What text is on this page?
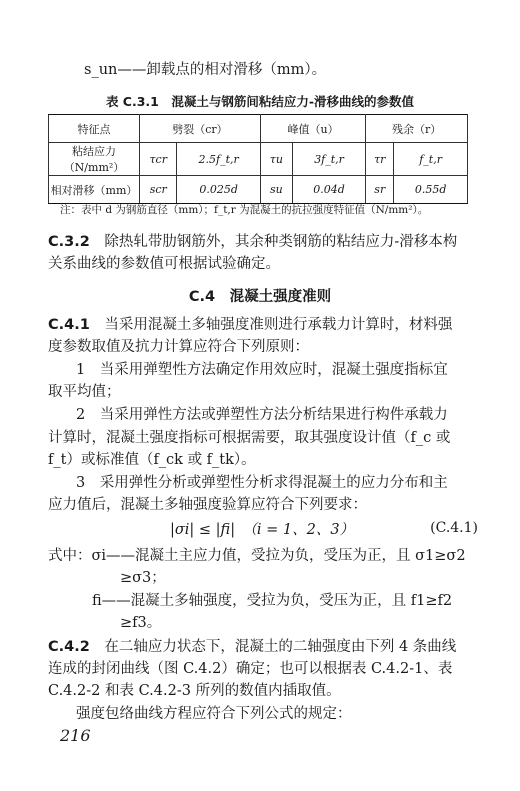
s_un——卸载点的相对滑移（mm）。
表 C.3.1　混凝土与钢筋间粘结应力-滑移曲线的参数值
特征点	劈裂（cr）		峰值（u）		残余（r）	
粘结应力（N/mm²）	τcr	2.5f_t,r	τu	3f_t,r	τr	f_t,r
相对滑移（mm）	scr	0.025d	su	0.04d	sr	0.55d
注：表中 d 为钢筋直径（mm）；f_t,r 为混凝土的抗拉强度特征值（N/mm²）。
C.3.2　除热轧带肋钢筋外，其余种类钢筋的粘结应力-滑移本构
关系曲线的参数值可根据试验确定。
C.4　混凝土强度准则
C.4.1　当采用混凝土多轴强度准则进行承载力计算时，材料强
度参数取值及抗力计算应符合下列原则：
1　当采用弹塑性方法确定作用效应时，混凝土强度指标宜
取平均值；
2　当采用弹性方法或弹塑性方法分析结果进行构件承载力
计算时，混凝土强度指标可根据需要，取其强度设计值（f_c 或
f_t）或标准值（f_ck 或 f_tk）。
3　采用弹性分析或弹塑性分析求得混凝土的应力分布和主
应力值后，混凝土多轴强度验算应符合下列要求：
|σi| ≤ |fi|　（i = 1、2、3）	(C.4.1)
式中：σi——混凝土主应力值，受拉为负，受压为正，且 σ1≥σ2
≥σ3；
fi——混凝土多轴强度，受拉为负，受压为正，且 f1≥f2
≥f3。
C.4.2　在二轴应力状态下，混凝土的二轴强度由下列 4 条曲线
连成的封闭曲线（图 C.4.2）确定；也可以根据表 C.4.2-1、表
C.4.2-2 和表 C.4.2-3 所列的数值内插取值。
强度包络曲线方程应符合下列公式的规定：
216
